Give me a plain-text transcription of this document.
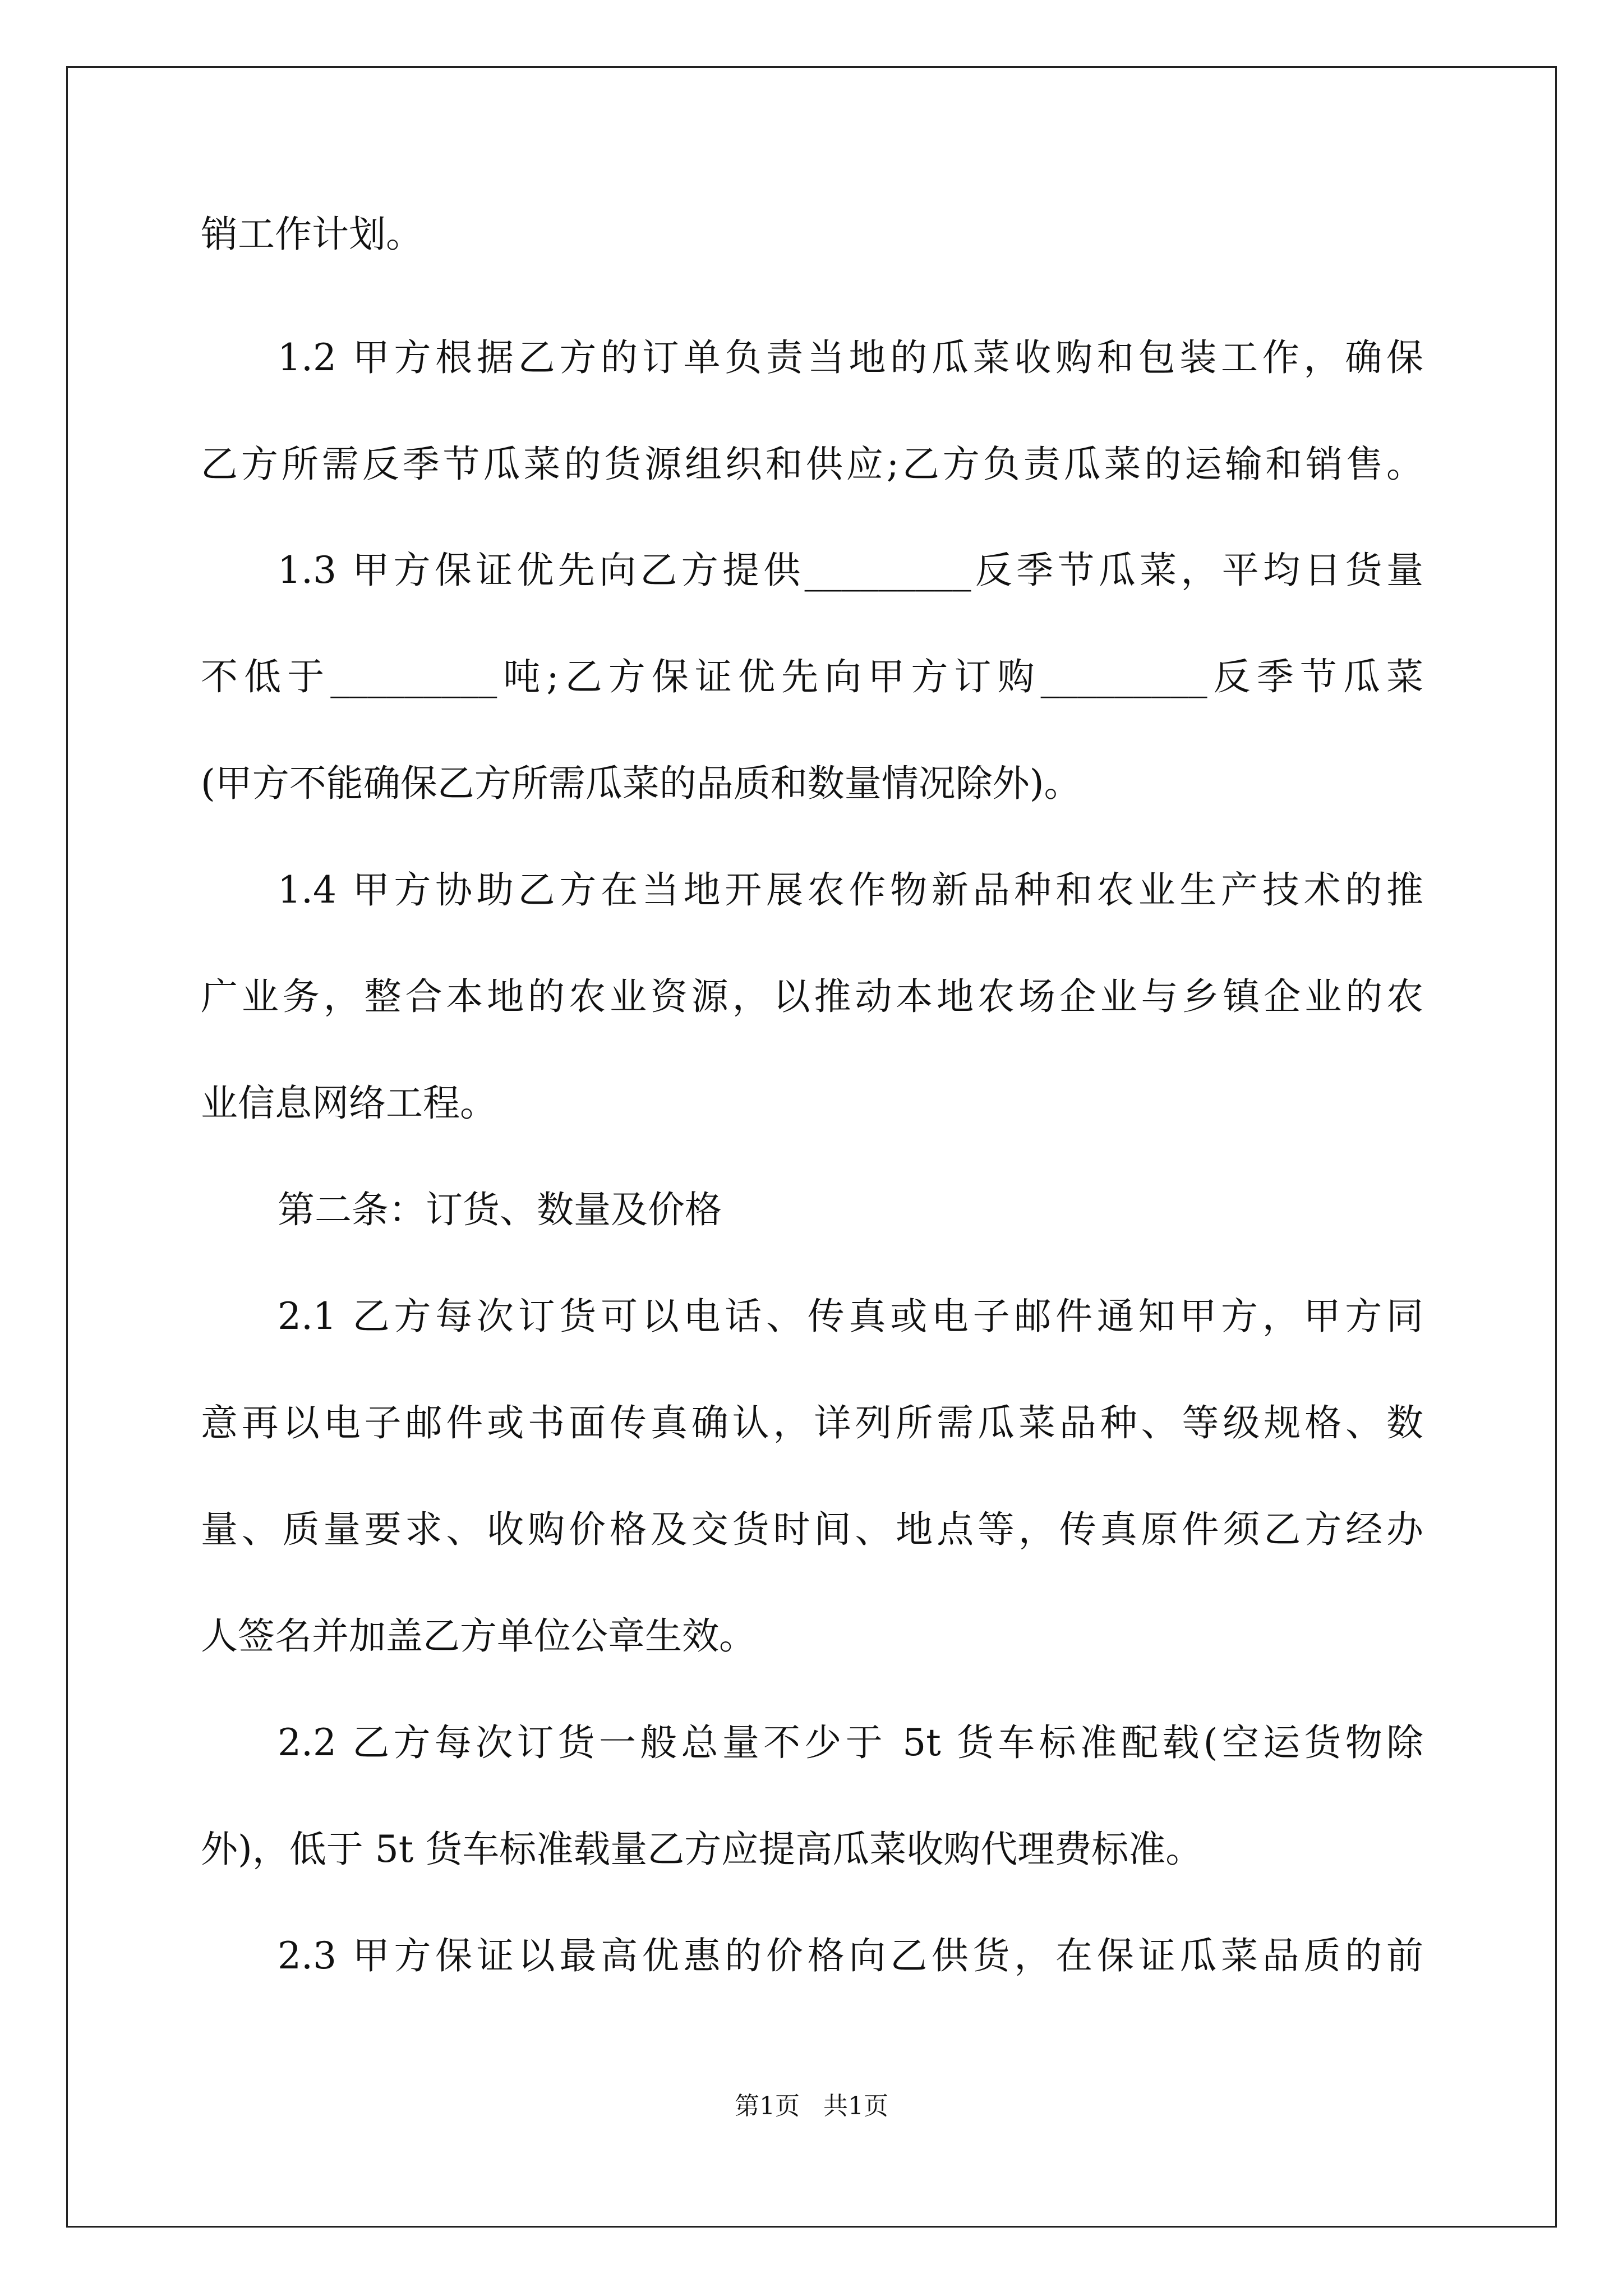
销工作计划。
1.2 甲方根据乙方的订单负责当地的瓜菜收购和包装工作，确保
乙方所需反季节瓜菜的货源组织和供应;乙方负责瓜菜的运输和销售。
1.3 甲方保证优先向乙方提供_________反季节瓜菜，平均日货量
不低于_________吨;乙方保证优先向甲方订购_________反季节瓜菜
(甲方不能确保乙方所需瓜菜的品质和数量情况除外)。
1.4 甲方协助乙方在当地开展农作物新品种和农业生产技术的推
广业务，整合本地的农业资源，以推动本地农场企业与乡镇企业的农
业信息网络工程。
第二条：订货、数量及价格
2.1 乙方每次订货可以电话、传真或电子邮件通知甲方，甲方同
意再以电子邮件或书面传真确认，详列所需瓜菜品种、等级规格、数
量、质量要求、收购价格及交货时间、地点等，传真原件须乙方经办
人签名并加盖乙方单位公章生效。
2.2 乙方每次订货一般总量不少于 5t 货车标准配载(空运货物除
外)，低于 5t 货车标准载量乙方应提高瓜菜收购代理费标准。
2.3 甲方保证以最高优惠的价格向乙供货，在保证瓜菜品质的前
第1页   共1页
